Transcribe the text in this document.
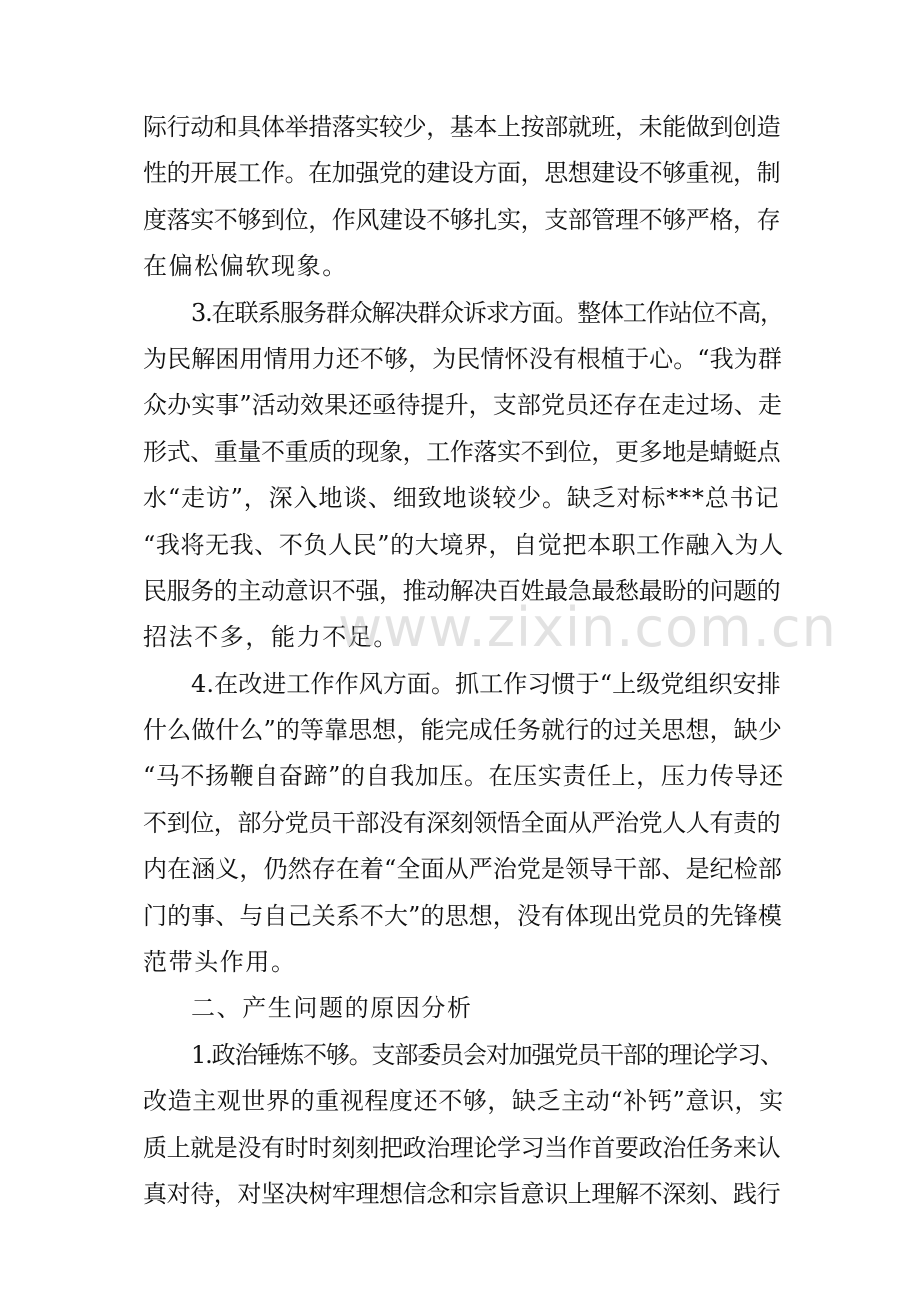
际行动和具体举措落实较少，基本上按部就班，未能做到创造
性的开展工作。在加强党的建设方面，思想建设不够重视，制
度落实不够到位，作风建设不够扎实，支部管理不够严格，存
在偏松偏软现象。
3.在联系服务群众解决群众诉求方面。整体工作站位不高，
为民解困用情用力还不够，为民情怀没有根植于心。“我为群
众办实事”活动效果还亟待提升，支部党员还存在走过场、走
形式、重量不重质的现象，工作落实不到位，更多地是蜻蜓点
水“走访”，深入地谈、细致地谈较少。缺乏对标***总书记
“我将无我、不负人民”的大境界，自觉把本职工作融入为人
民服务的主动意识不强，推动解决百姓最急最愁最盼的问题的
招法不多，能力不足。
4.在改进工作作风方面。抓工作习惯于“上级党组织安排
什么做什么”的等靠思想，能完成任务就行的过关思想，缺少
“马不扬鞭自奋蹄”的自我加压。在压实责任上，压力传导还
不到位，部分党员干部没有深刻领悟全面从严治党人人有责的
内在涵义，仍然存在着“全面从严治党是领导干部、是纪检部
门的事、与自己关系不大”的思想，没有体现出党员的先锋模
范带头作用。
二、产生问题的原因分析
1.政治锤炼不够。支部委员会对加强党员干部的理论学习、
改造主观世界的重视程度还不够，缺乏主动“补钙”意识，实
质上就是没有时时刻刻把政治理论学习当作首要政治任务来认
真对待，对坚决树牢理想信念和宗旨意识上理解不深刻、践行
www.zixin.com.cn
